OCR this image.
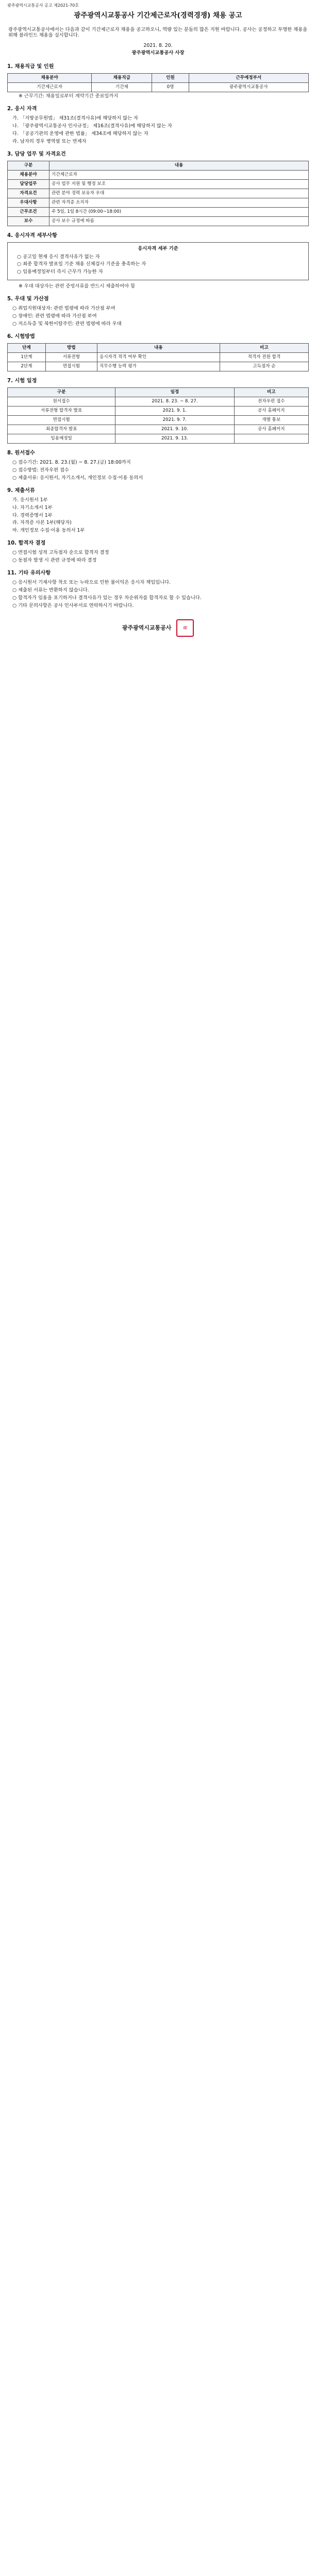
광주광역시교통공사 공고 제2021-70호
광주광역시교통공사 기간제근로자(경력경쟁) 채용 공고
광주광역시교통공사에서는 다음과 같이 기간제근로자 채용을 공고하오니, 역량 있는 분들의 많은 지원 바랍니다. 공사는 공정하고 투명한 채용을 위해 블라인드 채용을 실시합니다.
2021. 8. 20.
광주광역시교통공사 사장
1. 채용직급 및 인원
채용분야	채용직급	인원	근무예정부서
기간제근로자	기간제	0명	광주광역시교통공사
※ 근무기간: 채용일로부터 계약기간 종료일까지
2. 응시 자격
가. 「지방공무원법」 제31조(결격사유)에 해당하지 않는 자
나. 「광주광역시교통공사 인사규정」 제16조(결격사유)에 해당하지 않는 자
다. 「공공기관의 운영에 관한 법률」 제34조에 해당하지 않는 자
라. 남자의 경우 병역필 또는 면제자
3. 담당 업무 및 자격요건
구분	내용
채용분야	기간제근로자
담당업무	공사 업무 지원 및 행정 보조
자격요건	관련 분야 경력 보유자 우대
우대사항	관련 자격증 소지자
근무조건	주 5일, 1일 8시간 (09:00~18:00)
보수	공사 보수 규정에 따름
4. 응시자격 세부사항
응시자격 세부 기준
○ 공고일 현재 응시 결격사유가 없는 자
○ 최종 합격자 발표일 기준 채용 신체검사 기준을 충족하는 자
○ 임용예정일부터 즉시 근무가 가능한 자
※ 우대 대상자는 관련 증빙서류를 반드시 제출하여야 함
5. 우대 및 가산점
○ 취업지원대상자: 관련 법령에 따라 가산점 부여
○ 장애인: 관련 법령에 따라 가산점 부여
○ 저소득층 및 북한이탈주민: 관련 법령에 따라 우대
6. 시험방법
단계	방법	내용	비고
1단계	서류전형	응시자격 적격 여부 확인	적격자 전원 합격
2단계	면접시험	직무수행 능력 평가	고득점자 순
7. 시험 일정
구분	일정	비고
원서접수	2021. 8. 23. ~ 8. 27.	전자우편 접수
서류전형 합격자 발표	2021. 9. 1.	공사 홈페이지
면접시험	2021. 9. 7.	개별 통보
최종합격자 발표	2021. 9. 10.	공사 홈페이지
임용예정일	2021. 9. 13.	
8. 원서접수
○ 접수기간: 2021. 8. 23.(월) ~ 8. 27.(금) 18:00까지
○ 접수방법: 전자우편 접수
○ 제출서류: 응시원서, 자기소개서, 개인정보 수집·이용 동의서
9. 제출서류
가. 응시원서 1부
나. 자기소개서 1부
다. 경력증명서 1부
라. 자격증 사본 1부(해당자)
마. 개인정보 수집·이용 동의서 1부
10. 합격자 결정
○ 면접시험 성적 고득점자 순으로 합격자 결정
○ 동점자 발생 시 관련 규정에 따라 결정
11. 기타 유의사항
○ 응시원서 기재사항 착오 또는 누락으로 인한 불이익은 응시자 책임입니다.
○ 제출된 서류는 반환하지 않습니다.
○ 합격자가 임용을 포기하거나 결격사유가 있는 경우 차순위자를 합격자로 할 수 있습니다.
○ 기타 문의사항은 공사 인사부서로 연락하시기 바랍니다.
광주광역시교통공사	印
